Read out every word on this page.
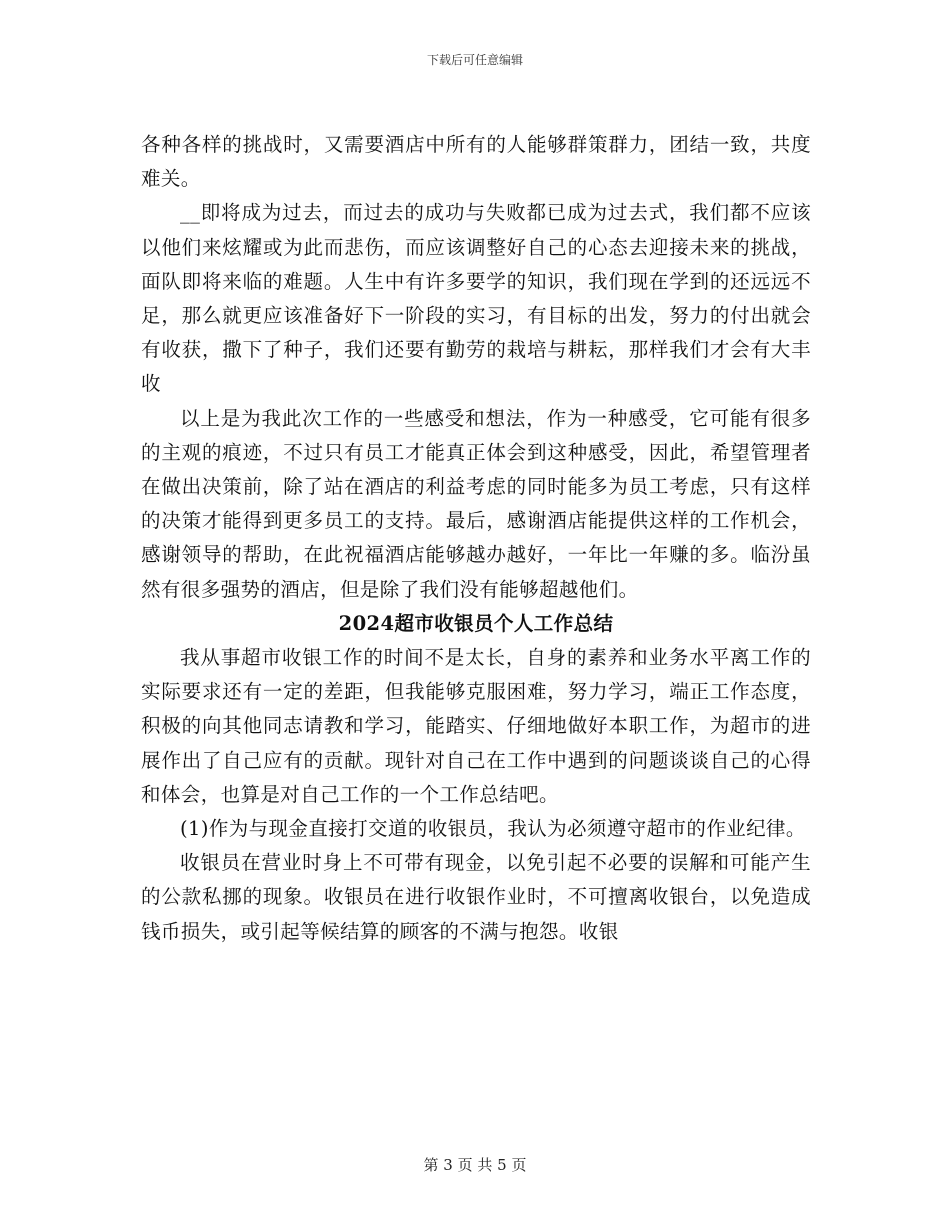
下载后可任意编辑

各种各样的挑战时，又需要酒店中所有的人能够群策群力，团结一致，共度难关。

__即将成为过去，而过去的成功与失败都已成为过去式，我们都不应该以他们来炫耀或为此而悲伤，而应该调整好自己的心态去迎接未来的挑战，面队即将来临的难题。人生中有许多要学的知识，我们现在学到的还远远不足，那么就更应该准备好下一阶段的实习，有目标的出发，努力的付出就会有收获，撒下了种子，我们还要有勤劳的栽培与耕耘，那样我们才会有大丰收

以上是为我此次工作的一些感受和想法，作为一种感受，它可能有很多的主观的痕迹，不过只有员工才能真正体会到这种感受，因此，希望管理者在做出决策前，除了站在酒店的利益考虑的同时能多为员工考虑，只有这样的决策才能得到更多员工的支持。最后，感谢酒店能提供这样的工作机会，感谢领导的帮助，在此祝福酒店能够越办越好，一年比一年赚的多。临汾虽然有很多强势的酒店，但是除了我们没有能够超越他们。

2024超市收银员个人工作总结

我从事超市收银工作的时间不是太长，自身的素养和业务水平离工作的实际要求还有一定的差距，但我能够克服困难，努力学习，端正工作态度，积极的向其他同志请教和学习，能踏实、仔细地做好本职工作，为超市的进展作出了自己应有的贡献。现针对自己在工作中遇到的问题谈谈自己的心得和体会，也算是对自己工作的一个工作总结吧。

(1)作为与现金直接打交道的收银员，我认为必须遵守超市的作业纪律。

收银员在营业时身上不可带有现金，以免引起不必要的误解和可能产生的公款私挪的现象。收银员在进行收银作业时，不可擅离收银台，以免造成钱币损失，或引起等候结算的顾客的不满与抱怨。收银

第 3 页 共 5 页
